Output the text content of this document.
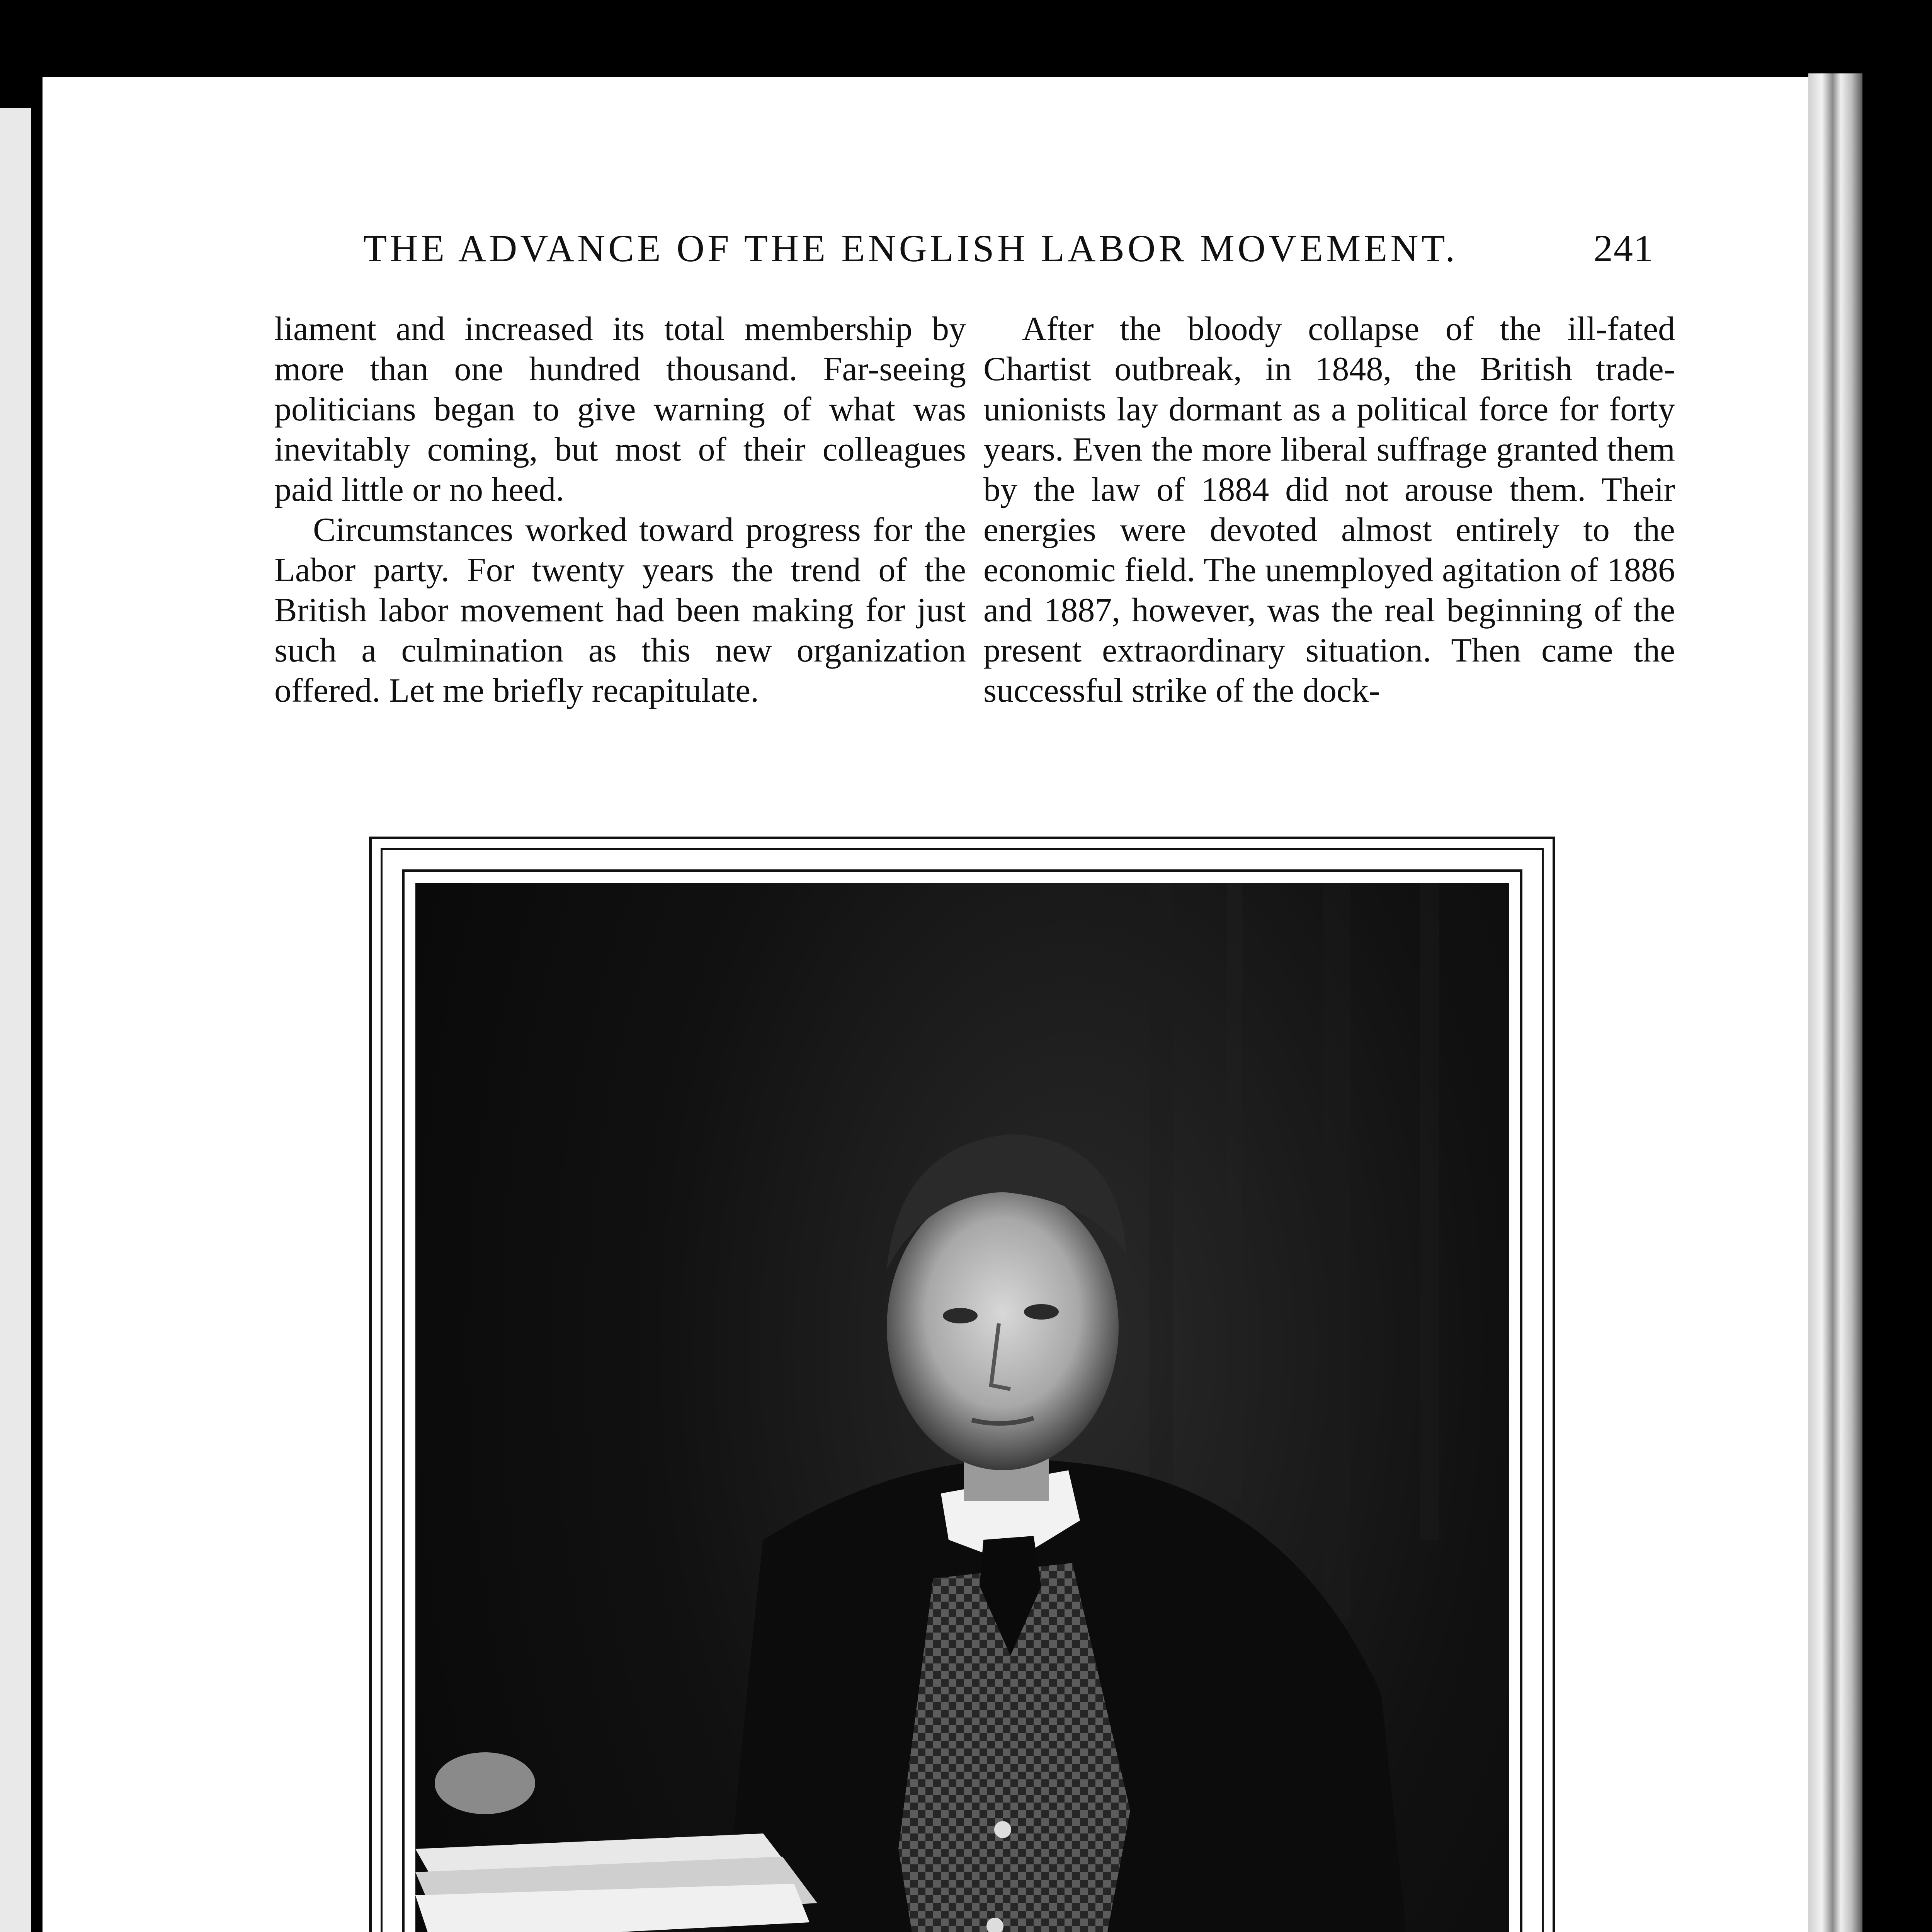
THE ADVANCE OF THE ENGLISH LABOR MOVEMENT.	241

liament and increased its total membership by more than one hundred thousand. Far-seeing politicians began to give warning of what was inevitably coming, but most of their colleagues paid little or no heed.

Circumstances worked toward progress for the Labor party. For twenty years the trend of the British labor movement had been making for just such a culmination as this new organization offered. Let me briefly recapitulate.

After the bloody collapse of the ill-fated Chartist outbreak, in 1848, the British trade-unionists lay dormant as a political force for forty years. Even the more liberal suffrage granted them by the law of 1884 did not arouse them. Their energies were devoted almost entirely to the economic field. The unemployed agitation of 1886 and 1887, however, was the real beginning of the present extraordinary situation. Then came the successful strike of the dock-
